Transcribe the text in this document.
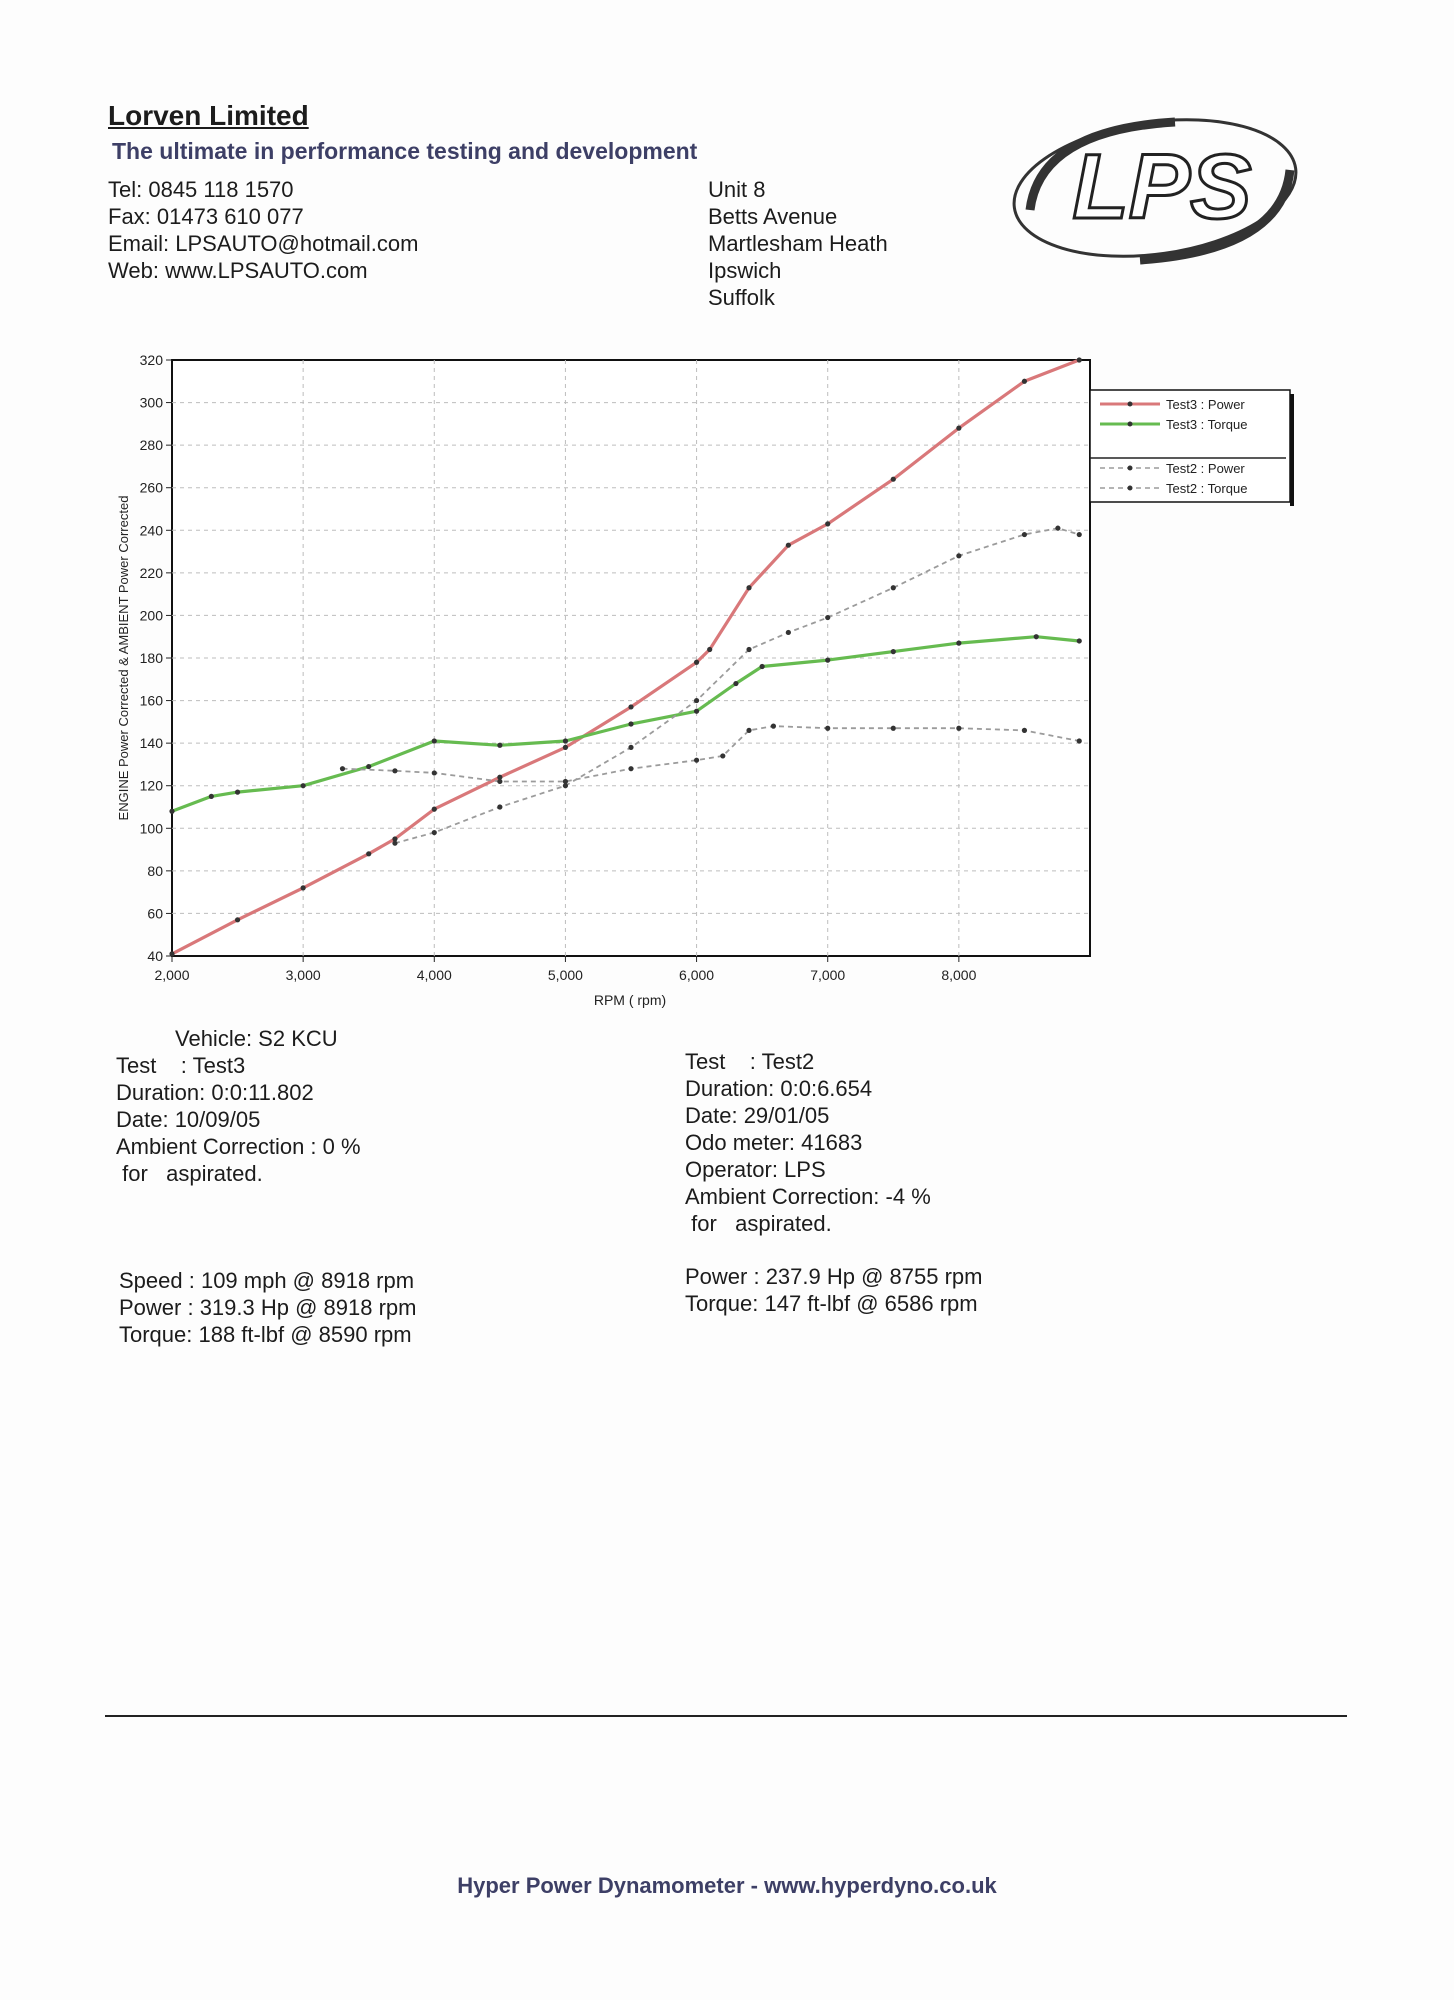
Lorven Limited
The ultimate in performance testing and development
Tel: 0845 118 1570
Fax: 01473 610 077
Email: LPSAUTO@hotmail.com
Web: www.LPSAUTO.com
Unit 8
Betts Avenue
Martlesham Heath
Ipswich
Suffolk
LPS
40
60
80
100
120
140
160
180
200
220
240
260
280
300
320
2,000	3,000	4,000	5,000	6,000	7,000	8,000
RPM ( rpm)
ENGINE Power Corrected & AMBIENT Power Corrected
Test3 : Power
Test3 : Torque
Test2 : Power
Test2 : Torque
Vehicle: S2 KCU
Test    : Test3
Duration: 0:0:11.802
Date: 10/09/05
Ambient Correction : 0 %
for   aspirated.
Test    : Test2
Duration: 0:0:6.654
Date: 29/01/05
Odo meter: 41683
Operator: LPS
Ambient Correction: -4 %
for   aspirated.
Speed : 109 mph @ 8918 rpm
Power : 319.3 Hp @ 8918 rpm
Torque: 188 ft-lbf @ 8590 rpm
Power : 237.9 Hp @ 8755 rpm
Torque: 147 ft-lbf @ 6586 rpm
Hyper Power Dynamometer - www.hyperdyno.co.uk
